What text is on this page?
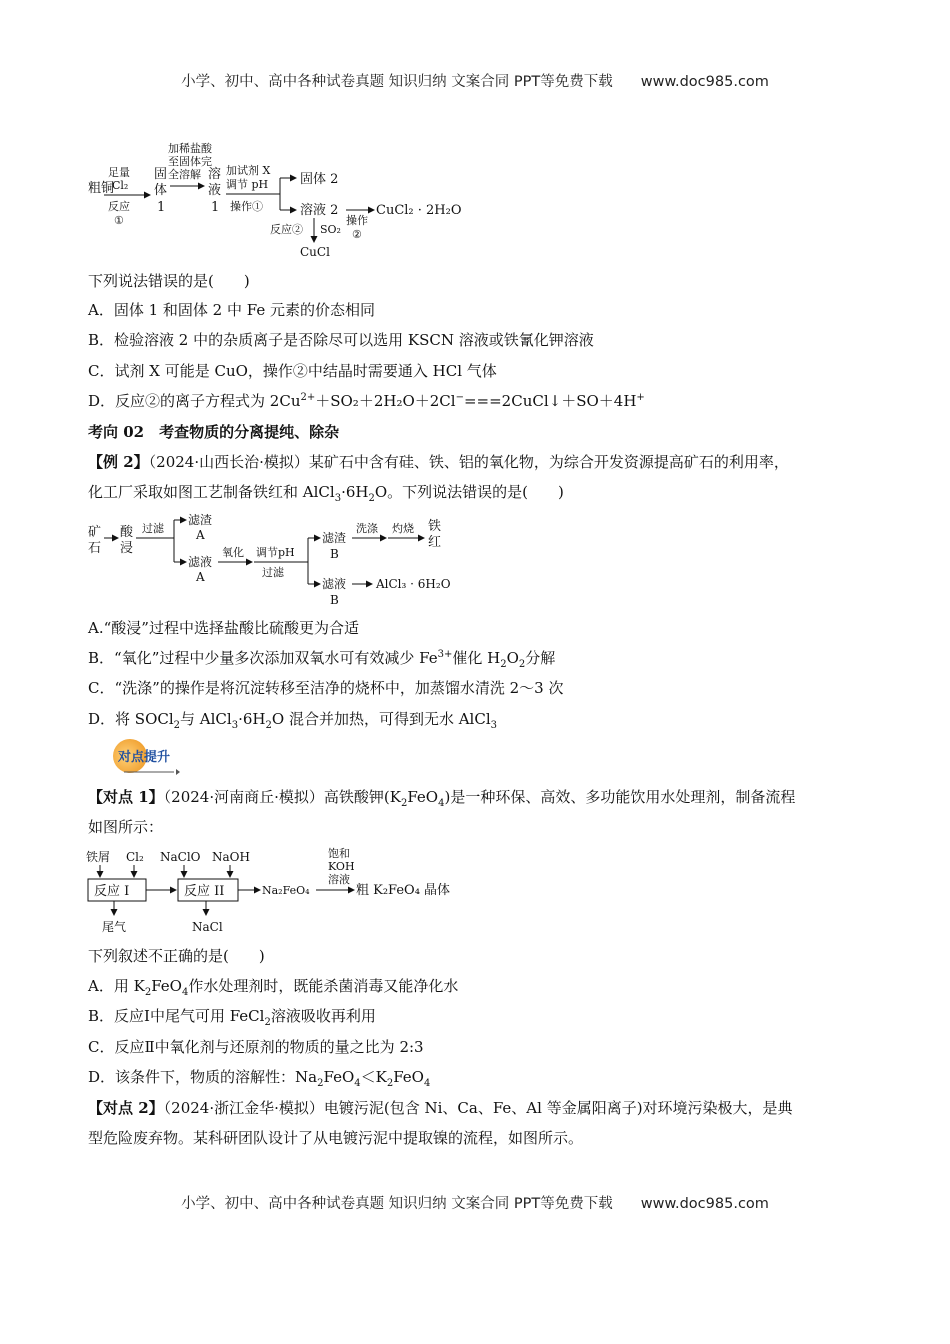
小学、初中、高中各种试卷真题 知识归纳 文案合同 PPT等免费下载 www.doc985.com
粗铜
足量
Cl₂
反应
①
固
体
1
加稀盐酸
至固体完
全溶解 溶
液
1
加试剂 X
调节 pH
操作①
固体 2
溶液 2
操作
②
CuCl₂ · 2H₂O
反应② SO₂
CuCl
下列说法错误的是(　　)
A．固体 1 和固体 2 中 Fe 元素的价态相同
B．检验溶液 2 中的杂质离子是否除尽可以选用 KSCN 溶液或铁氰化钾溶液
C．试剂 X 可能是 CuO，操作②中结晶时需要通入 HCl 气体
D．反应②的离子方程式为 $2Cu^{2+}+SO_2+2H_2O+2Cl^-===2CuCl↓+SO+4H^+$
考向 02　考查物质的分离提纯、除杂
【例 2】（2024·山西长治·模拟）某矿石中含有硅、铁、铝的氧化物，为综合开发资源提高矿石的利用率，
化工厂采取如图工艺制备铁红和 $AlCl_3\cdot 6H_2O$。下列说法错误的是(　　)
矿
石
酸
浸
过滤
滤渣
A
滤液
A
氧化 调节pH
过滤
滤渣
B
滤液
B
洗涤 灼烧 铁
红
AlCl₃ · 6H₂O
A.“酸浸”过程中选择盐酸比硫酸更为合适
B．“氧化”过程中少量多次添加双氧水可有效减少 $Fe^{3+}$催化 $H_2O_2$分解
C．“洗涤”的操作是将沉淀转移至洁净的烧杯中，加蒸馏水清洗 2～3 次
D．将 SOCl$_2$与 $AlCl_3\cdot 6H_2O$ 混合并加热，可得到无水 AlCl$_3$
对点提升
【对点 1】（2024·河南商丘·模拟）高铁酸钾$(K_2FeO_4)$是一种环保、高效、多功能饮用水处理剂，制备流程
如图所示：
铁屑 Cl₂ NaClO NaOH
反应 I	反应 II	Na₂FeO₄
饱和
KOH
溶液
粗 K₂FeO₄ 晶体
尾气	NaCl
下列叙述不正确的是(　　)
A．用 $K_2FeO_4$作水处理剂时，既能杀菌消毒又能净化水
B．反应Ⅰ中尾气可用 FeCl$_2$溶液吸收再利用
C．反应Ⅱ中氧化剂与还原剂的物质的量之比为 2:3
D．该条件下，物质的溶解性：$Na_2FeO_4<K_2FeO_4$
【对点 2】（2024·浙江金华·模拟）电镀污泥(包含 Ni、Ca、Fe、Al 等金属阳离子)对环境污染极大，是典
型危险废弃物。某科研团队设计了从电镀污泥中提取镍的流程，如图所示。
小学、初中、高中各种试卷真题 知识归纳 文案合同 PPT等免费下载 www.doc985.com
